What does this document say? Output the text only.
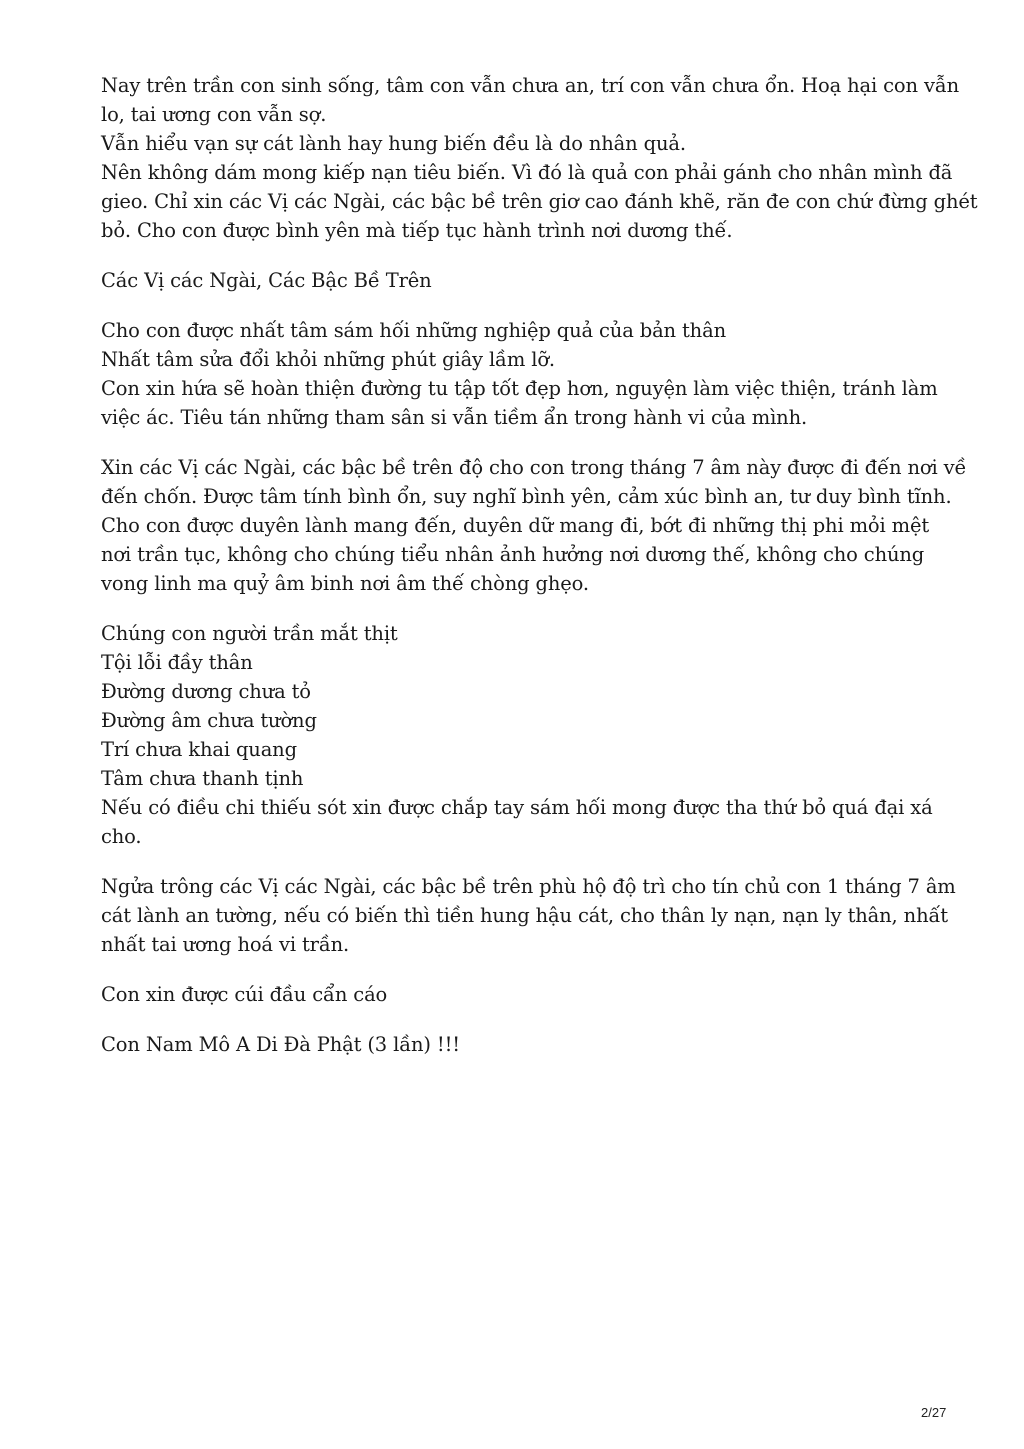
Nay trên trần con sinh sống, tâm con vẫn chưa an, trí con vẫn chưa ổn. Hoạ hại con vẫn
lo, tai ương con vẫn sợ.
Vẫn hiểu vạn sự cát lành hay hung biến đều là do nhân quả.
Nên không dám mong kiếp nạn tiêu biến. Vì đó là quả con phải gánh cho nhân mình đã
gieo. Chỉ xin các Vị các Ngài, các bậc bề trên giơ cao đánh khẽ, răn đe con chứ đừng ghét
bỏ. Cho con được bình yên mà tiếp tục hành trình nơi dương thế.

Các Vị các Ngài, Các Bậc Bề Trên

Cho con được nhất tâm sám hối những nghiệp quả của bản thân
Nhất tâm sửa đổi khỏi những phút giây lầm lỡ.
Con xin hứa sẽ hoàn thiện đường tu tập tốt đẹp hơn, nguyện làm việc thiện, tránh làm
việc ác. Tiêu tán những tham sân si vẫn tiềm ẩn trong hành vi của mình.

Xin các Vị các Ngài, các bậc bề trên độ cho con trong tháng 7 âm này được đi đến nơi về
đến chốn. Được tâm tính bình ổn, suy nghĩ bình yên, cảm xúc bình an, tư duy bình tĩnh.
Cho con được duyên lành mang đến, duyên dữ mang đi, bớt đi những thị phi mỏi mệt
nơi trần tục, không cho chúng tiểu nhân ảnh hưởng nơi dương thế, không cho chúng
vong linh ma quỷ âm binh nơi âm thế chòng ghẹo.

Chúng con người trần mắt thịt
Tội lỗi đầy thân
Đường dương chưa tỏ
Đường âm chưa tường
Trí chưa khai quang
Tâm chưa thanh tịnh
Nếu có điều chi thiếu sót xin được chắp tay sám hối mong được tha thứ bỏ quá đại xá
cho.

Ngửa trông các Vị các Ngài, các bậc bề trên phù hộ độ trì cho tín chủ con 1 tháng 7 âm
cát lành an tường, nếu có biến thì tiền hung hậu cát, cho thân ly nạn, nạn ly thân, nhất
nhất tai ương hoá vi trần.

Con xin được cúi đầu cẩn cáo

Con Nam Mô A Di Đà Phật (3 lần) !!!

2/27
